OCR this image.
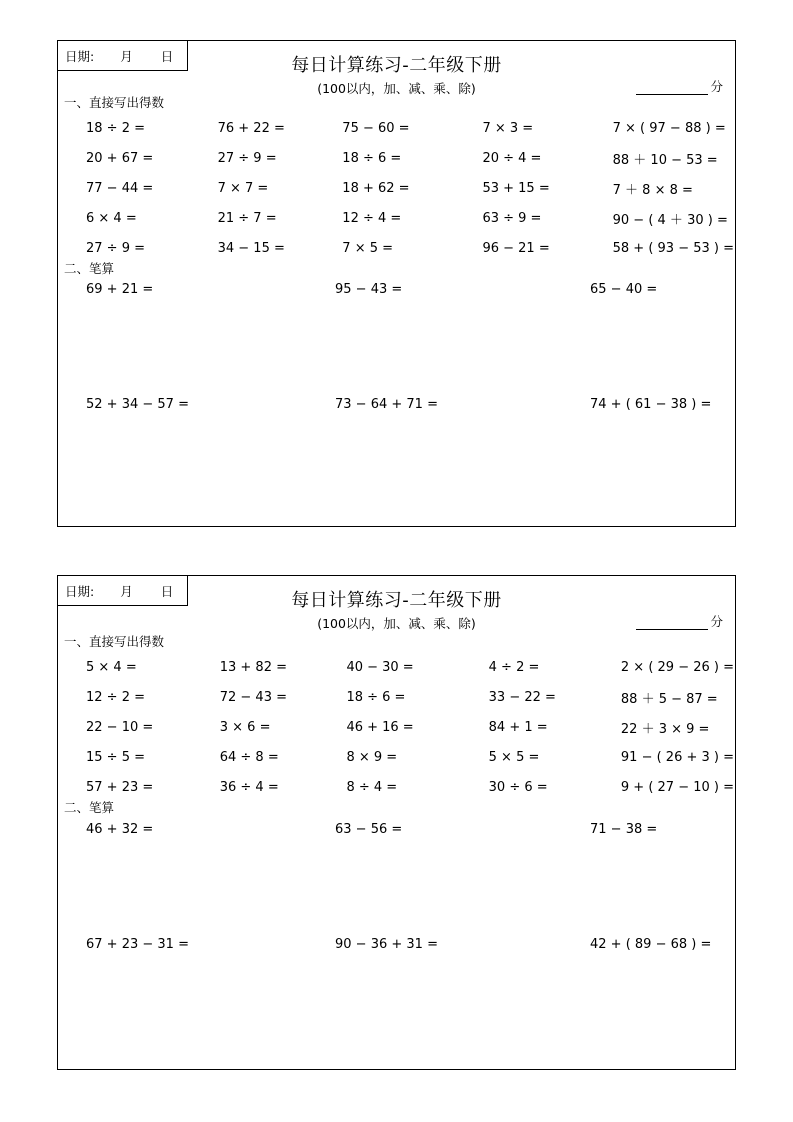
日期: 月 日	每日计算练习-二年级下册
(100以内，加、减、乘、除)	分
一、直接写出得数
18 ÷ 2 =	76 + 22 =	75 − 60 =	7 × 3 =	7 × ( 97 − 88 ) =
20 + 67 =	27 ÷ 9 =	18 ÷ 6 =	20 ÷ 4 =	88 ＋ 10 − 53 =
77 − 44 =	7 × 7 =	18 + 62 =	53 + 15 =	7 ＋ 8 × 8 =
6 × 4 =	21 ÷ 7 =	12 ÷ 4 =	63 ÷ 9 =	90 − ( 4 ＋ 30 ) =
27 ÷ 9 =	34 − 15 =	7 × 5 =	96 − 21 =	58 + ( 93 − 53 ) =
二、笔算
69 + 21 =	95 − 43 =	65 − 40 =
52 + 34 − 57 =	73 − 64 + 71 =	74 + ( 61 − 38 ) =
日期: 月 日	每日计算练习-二年级下册
(100以内，加、减、乘、除)	分
一、直接写出得数
5 × 4 =	13 + 82 =	40 − 30 =	4 ÷ 2 =	2 × ( 29 − 26 ) =
12 ÷ 2 =	72 − 43 =	18 ÷ 6 =	33 − 22 =	88 ＋ 5 − 87 =
22 − 10 =	3 × 6 =	46 + 16 =	84 + 1 =	22 ＋ 3 × 9 =
15 ÷ 5 =	64 ÷ 8 =	8 × 9 =	5 × 5 =	91 − ( 26 + 3 ) =
57 + 23 =	36 ÷ 4 =	8 ÷ 4 =	30 ÷ 6 =	9 + ( 27 − 10 ) =
二、笔算
46 + 32 =	63 − 56 =	71 − 38 =
67 + 23 − 31 =	90 − 36 + 31 =	42 + ( 89 − 68 ) =
